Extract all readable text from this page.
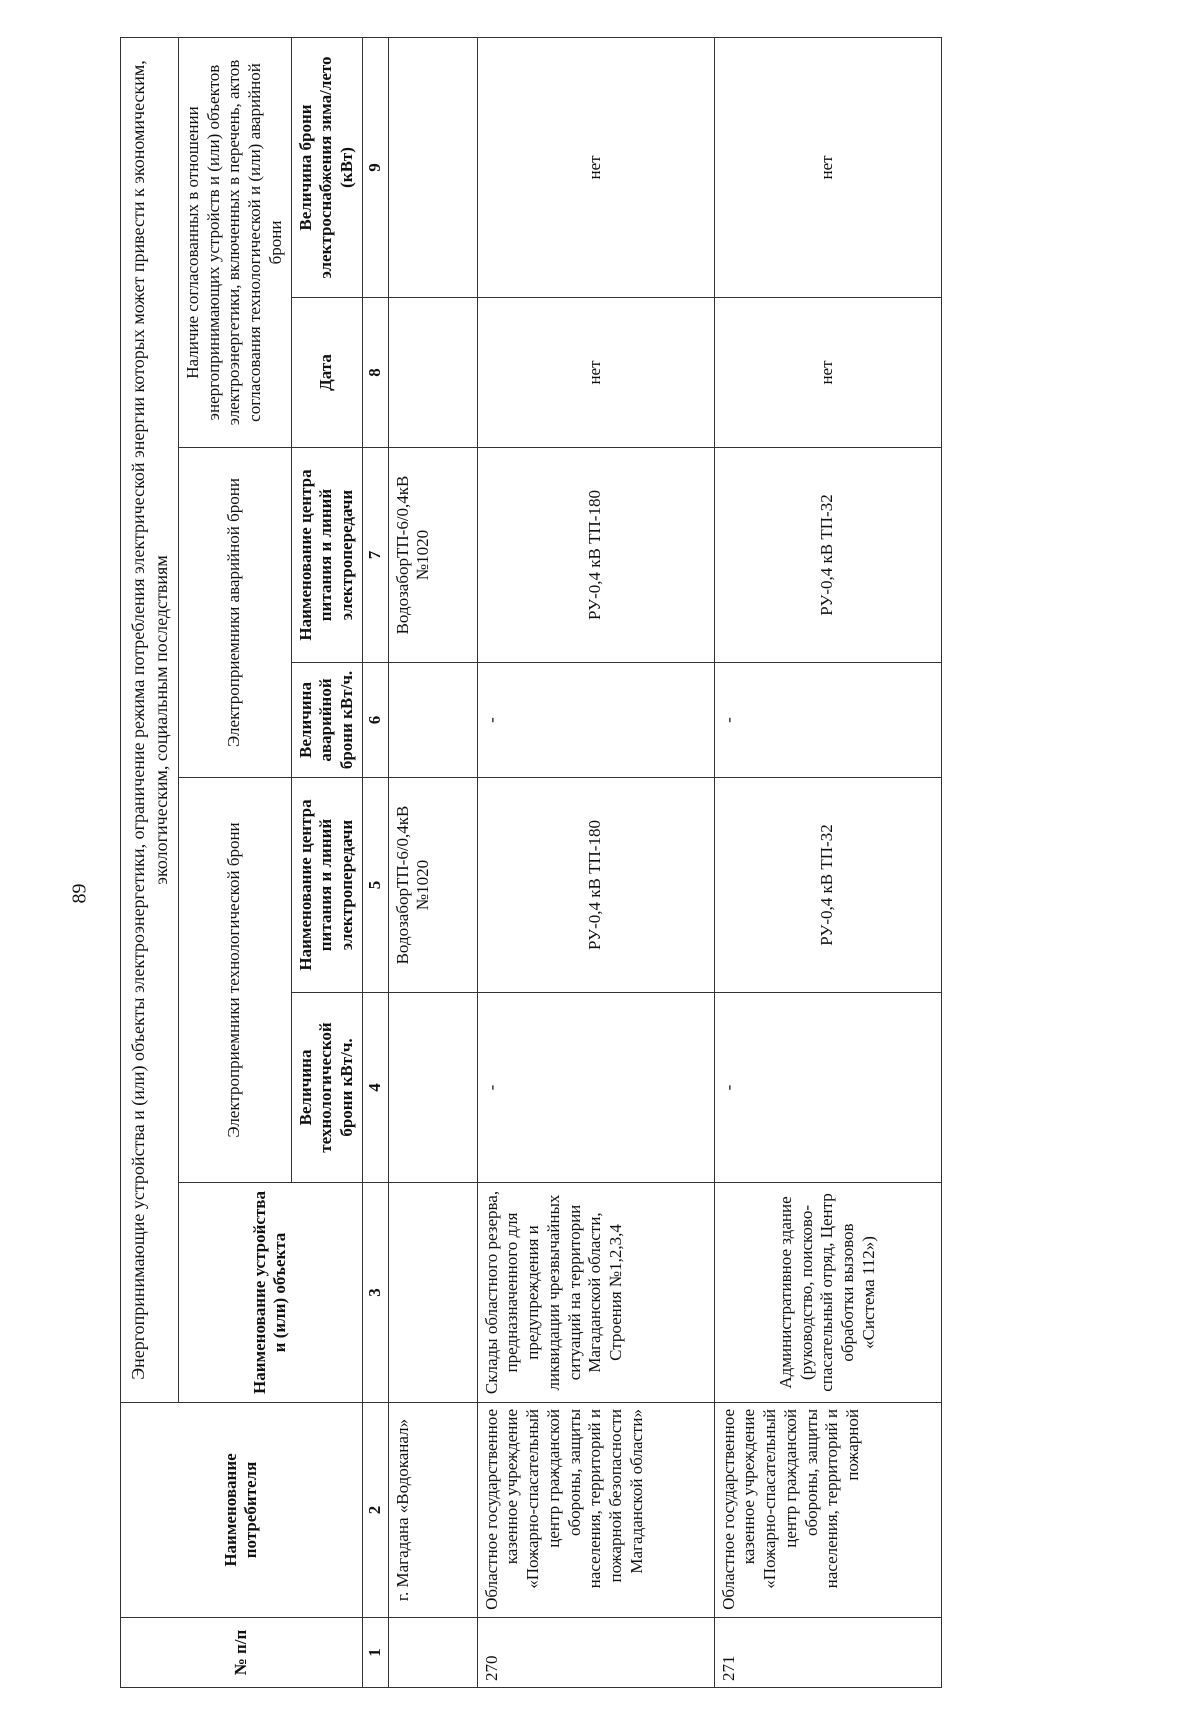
89
№ п/п	Наименование потребителя	Энергопринимающие устройства и (или) объекты электроэнергетики, ограничение режима потребления электрической энергии которых может привести к экономическим, экологическим, социальным последствиям						
		Наименование устройства и (или) объекта	Электроприемники технологической брони		Электроприемники аварийной брони		Наличие согласованных в отношении энергопринимающих устройств и (или) объектов электроэнергетики, включенных в перечень, актов согласования технологической и (или) аварийной брони	
			Величина технологической брони кВт/ч.	Наименование центра питания и линий электропередачи	Величина аварийной брони кВт/ч.	Наименование центра питания и линий электропередачи	Дата	Величина брони электроснабжения зима/лето (кВт)
1	2	3	4	5	6	7	8	9
	г. Магадана «Водоканал»			ВодозаборТП-6/0,4кВ №1020		ВодозаборТП-6/0,4кВ №1020		
270	Областное государственное казенное учреждение «Пожарно-спасательный центр гражданской обороны, защиты населения, территорий и пожарной безопасности Магаданской области»	Склады областного резерва, предназначенного для предупреждения и ликвидации чрезвычайных ситуаций на территории Магаданской области, Строения №1,2,3,4	-	РУ-0,4 кВ ТП-180	-	РУ-0,4 кВ ТП-180	нет	нет
271	Областное государственное казенное учреждение «Пожарно-спасательный центр гражданской обороны, защиты населения, территорий и пожарной	Административное здание (руководство, поисково-спасательный отряд, Центр обработки вызовов «Система 112»)	-	РУ-0,4 кВ ТП-32	-	РУ-0,4 кВ ТП-32	нет	нет
